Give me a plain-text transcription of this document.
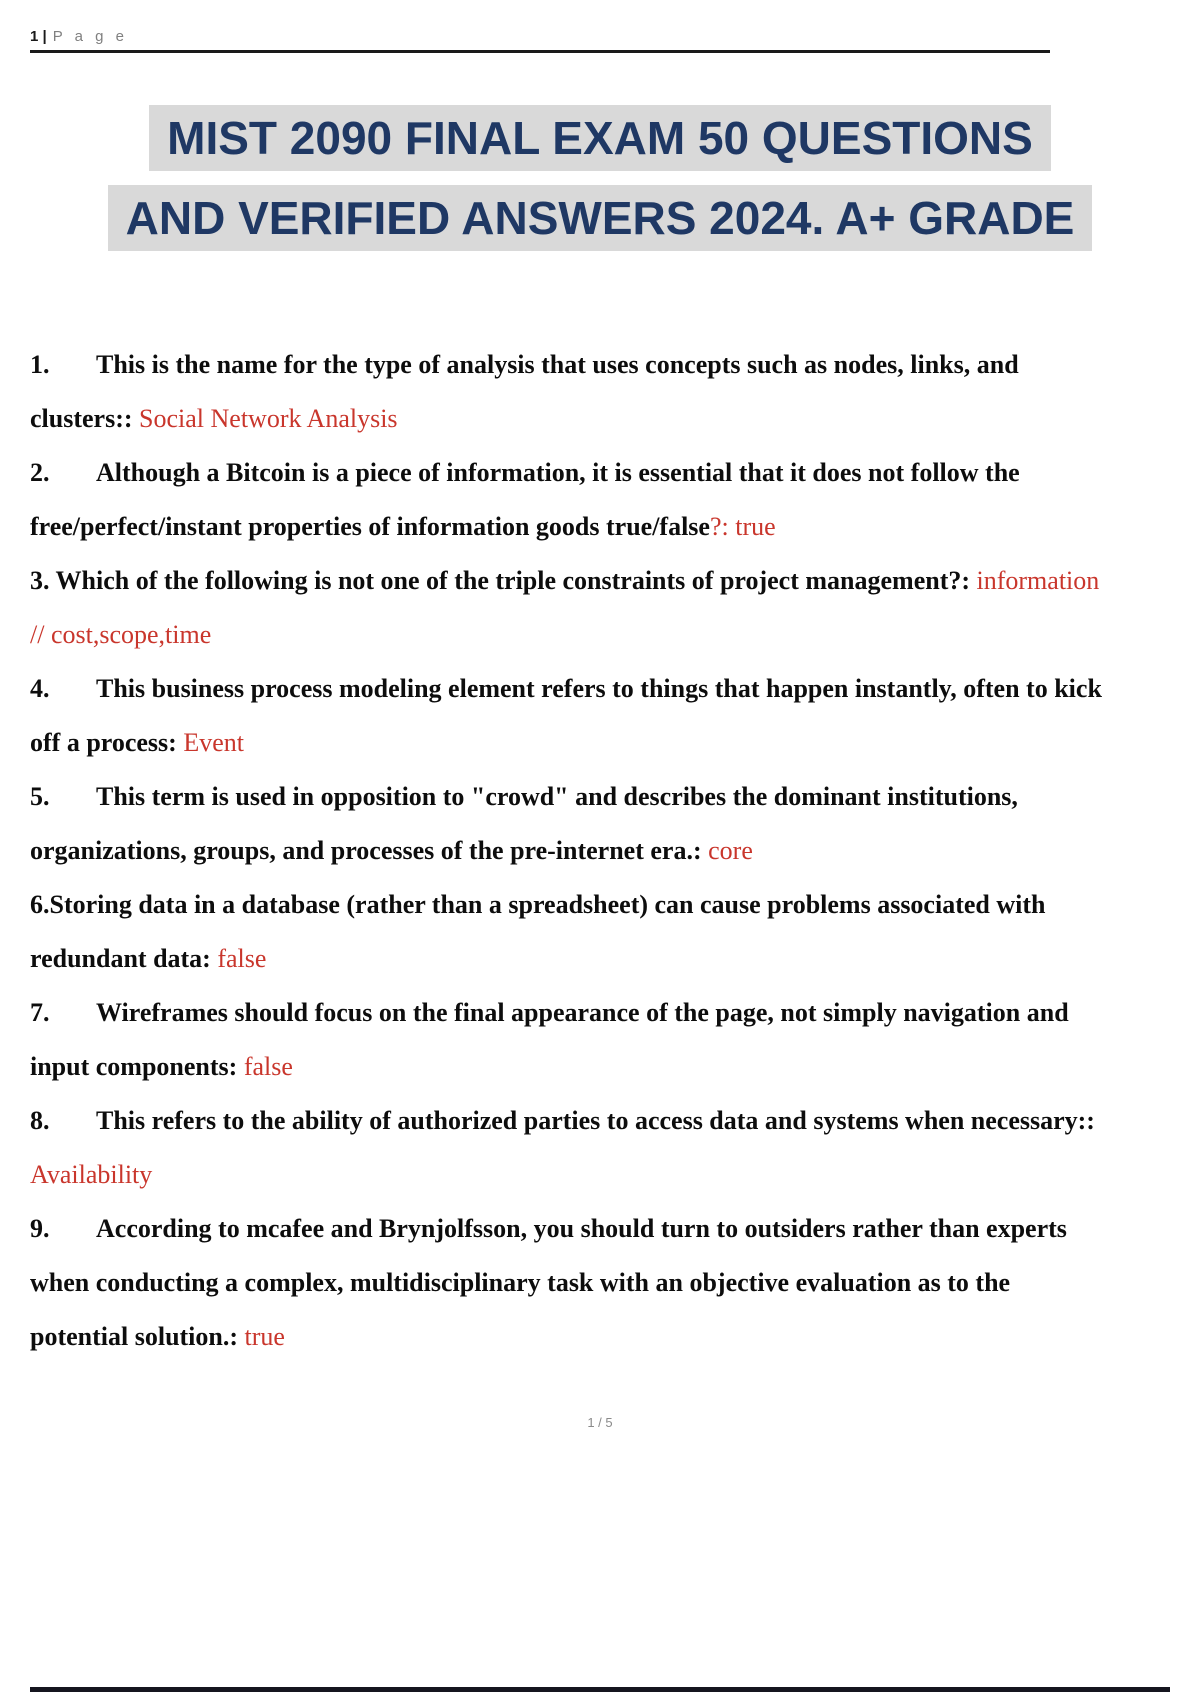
1 | P a g e
MIST 2090 FINAL EXAM 50 QUESTIONS
AND VERIFIED ANSWERS 2024. A+ GRADE
1. This is the name for the type of analysis that uses concepts such as nodes, links, and clusters:: Social Network Analysis
2. Although a Bitcoin is a piece of information, it is essential that it does not follow the free/perfect/instant properties of information goods true/false?: true
3. Which of the following is not one of the triple constraints of project management?: information // cost,scope,time
4. This business process modeling element refers to things that happen instantly, often to kick off a process: Event
5. This term is used in opposition to "crowd" and describes the dominant institutions, organizations, groups, and processes of the pre-internet era.: core
6.Storing data in a database (rather than a spreadsheet) can cause problems associated with redundant data: false
7. Wireframes should focus on the final appearance of the page, not simply navigation and input components: false
8. This refers to the ability of authorized parties to access data and systems when necessary:: Availability
9. According to mcafee and Brynjolfsson, you should turn to outsiders rather than experts when conducting a complex, multidisciplinary task with an objective evaluation as to the potential solution.: true
1 / 5
